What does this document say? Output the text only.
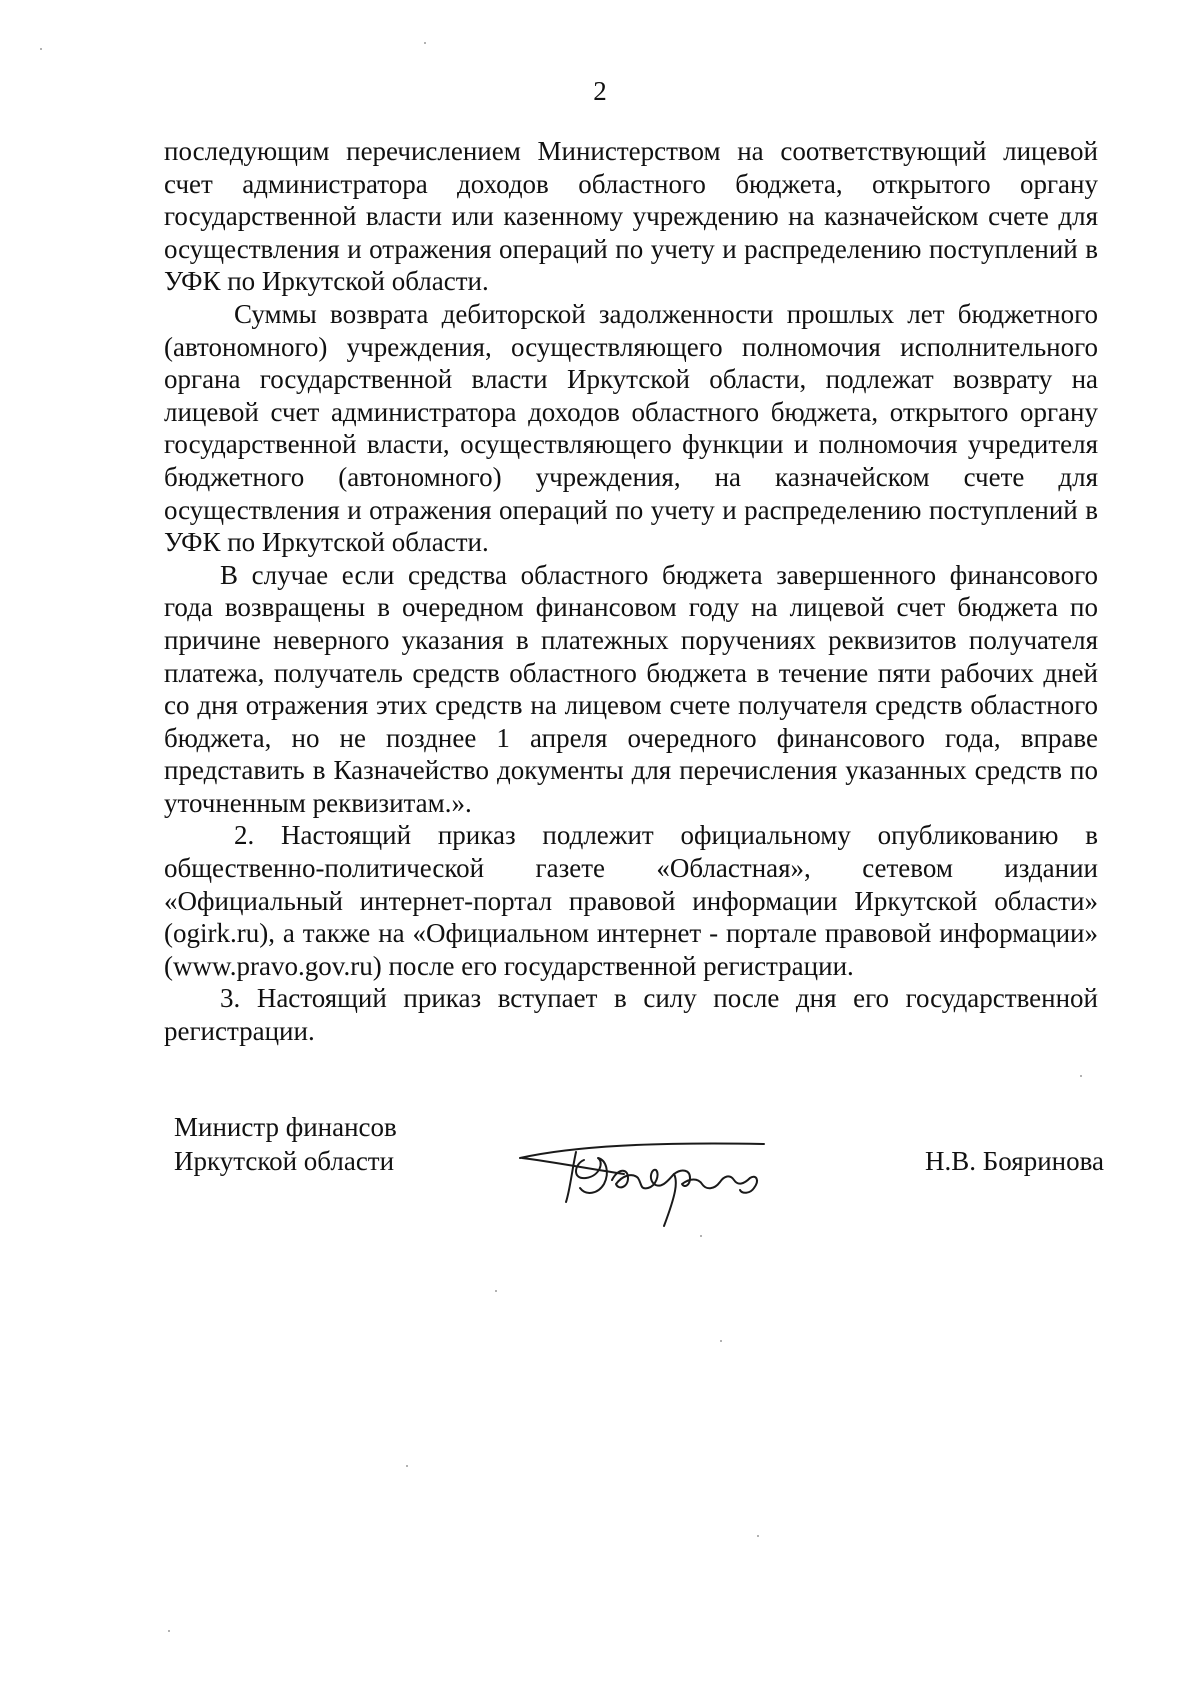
2

последующим перечислением Министерством на соответствующий лицевой счет администратора доходов областного бюджета, открытого органу государственной власти или казенному учреждению на казначейском счете для осуществления и отражения операций по учету и распределению поступлений в УФК по Иркутской области.

Суммы возврата дебиторской задолженности прошлых лет бюджетного (автономного) учреждения, осуществляющего полномочия исполнительного органа государственной власти Иркутской области, подлежат возврату на лицевой счет администратора доходов областного бюджета, открытого органу государственной власти, осуществляющего функции и полномочия учредителя бюджетного (автономного) учреждения, на казначейском счете для осуществления и отражения операций по учету и распределению поступлений в УФК по Иркутской области.

В случае если средства областного бюджета завершенного финансового года возвращены в очередном финансовом году на лицевой счет бюджета по причине неверного указания в платежных поручениях реквизитов получателя платежа, получатель средств областного бюджета в течение пяти рабочих дней со дня отражения этих средств на лицевом счете получателя средств областного бюджета, но не позднее 1 апреля очередного финансового года, вправе представить в Казначейство документы для перечисления указанных средств по уточненным реквизитам.».

2. Настоящий приказ подлежит официальному опубликованию в общественно-политической газете «Областная», сетевом издании «Официальный интернет-портал правовой информации Иркутской области» (ogirk.ru), а также на «Официальном интернет - портале правовой информации» (www.pravo.gov.ru) после его государственной регистрации.

3. Настоящий приказ вступает в силу после дня его государственной регистрации.

Министр финансов
Иркутской области	Н.В. Бояринова
